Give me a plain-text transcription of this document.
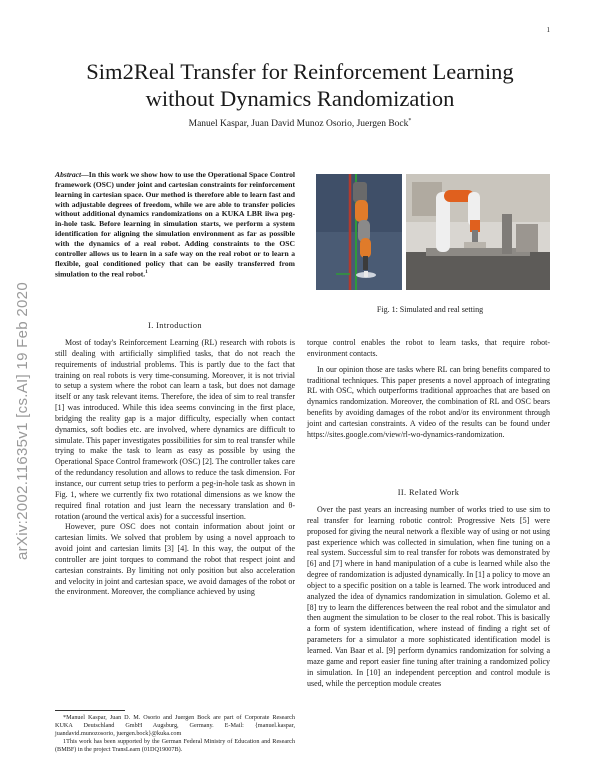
1
arXiv:2002.11635v1 [cs.AI] 19 Feb 2020
Sim2Real Transfer for Reinforcement Learning
without Dynamics Randomization
Manuel Kaspar, Juan David Munoz Osorio, Juergen Bock*
Abstract—In this work we show how to use the Operational Space Control framework (OSC) under joint and cartesian constraints for reinforcement learning in cartesian space. Our method is therefore able to learn fast and with adjustable degrees of freedom, while we are able to transfer policies without additional dynamics randomizations on a KUKA LBR iiwa peg-in-hole task. Before learning in simulation starts, we perform a system identification for aligning the simulation environment as far as possible with the dynamics of a real robot. Adding constraints to the OSC controller allows us to learn in a safe way on the real robot or to learn a flexible, goal conditioned policy that can be easily transferred from simulation to the real robot.$^1$
Fig. 1: Simulated and real setting
I. Introduction

Most of today's Reinforcement Learning (RL) research with robots is still dealing with artificially simplified tasks, that do not reach the requirements of industrial problems. This is partly due to the fact that training on real robots is very time-consuming. Moreover, it is not trivial to setup a system where the robot can learn a task, but does not damage itself or any task relevant items. Therefore, the idea of sim to real transfer [1] was introduced. While this idea seems convincing in the first place, bridging the reality gap is a major difficulty, especially when contact dynamics, soft bodies etc. are involved, where dynamics are difficult to simulate. This paper investigates possibilities for sim to real transfer while trying to make the task to learn as easy as possible by using the Operational Space Control framework (OSC) [2]. The controller takes care of the redundancy resolution and allows to reduce the task dimension. For instance, our current setup tries to perform a peg-in-hole task as shown in Fig. 1, where we currently fix two rotational dimensions as we know the required final rotation and just learn the necessary translation and θ-rotation (around the vertical axis) for a successful insertion.

However, pure OSC does not contain information about joint or cartesian limits. We solved that problem by using a novel approach to avoid joint and cartesian limits [3] [4]. In this way, the output of the controller are joint torques to command the robot that respect joint and cartesian constraints. By limiting not only position but also acceleration and velocity in joint and cartesian space, we avoid damages of the robot or the environment. Moreover, the compliance achieved by using

*Manuel Kaspar, Juan D. M. Osorio and Juergen Bock are part of Corporate Research KUKA Deutschland GmbH Augsburg, Germany. E-Mail: {manuel.kaspar, juandavid.munozosorio, juergen.bock}@kuka.com

1This work has been supported by the German Federal Ministry of Education and Research (BMBF) in the project TransLearn (01DQ19007B).

torque control enables the robot to learn tasks, that require robot-environment contacts.

In our opinion those are tasks where RL can bring benefits compared to traditional techniques. This paper presents a novel approach of integrating RL with OSC, which outperforms traditional approaches that are based on dynamics randomization. Moreover, the combination of RL and OSC bears benefits by avoiding damages of the robot and/or its environment through joint and cartesian constraints. A video of the results can be found under https://sites.google.com/view/rl-wo-dynamics-randomization.

II. Related Work

Over the past years an increasing number of works tried to use sim to real transfer for learning robotic control: Progressive Nets [5] were proposed for giving the neural network a flexible way of using or not using past experience which was collected in simulation, when fine tuning on a real system. Successful sim to real transfer for robots was demonstrated by [6] and [7] where in hand manipulation of a cube is learned while also the degree of randomization is adjusted dynamically. In [1] a policy to move an object to a specific position on a table is learned. The work introduced and analyzed the idea of dynamics randomization in simulation. Golemo et al. [8] try to learn the differences between the real robot and the simulator and then augment the simulation to be closer to the real robot. This is basically a form of system identification, where instead of finding a right set of parameters for a simulator a more sophisticated identification model is learned. Van Baar et al. [9] perform dynamics randomization for solving a maze game and report easier fine tuning after training a randomized policy in simulation. In [10] an independent perception and control module is used, while the perception module creates
